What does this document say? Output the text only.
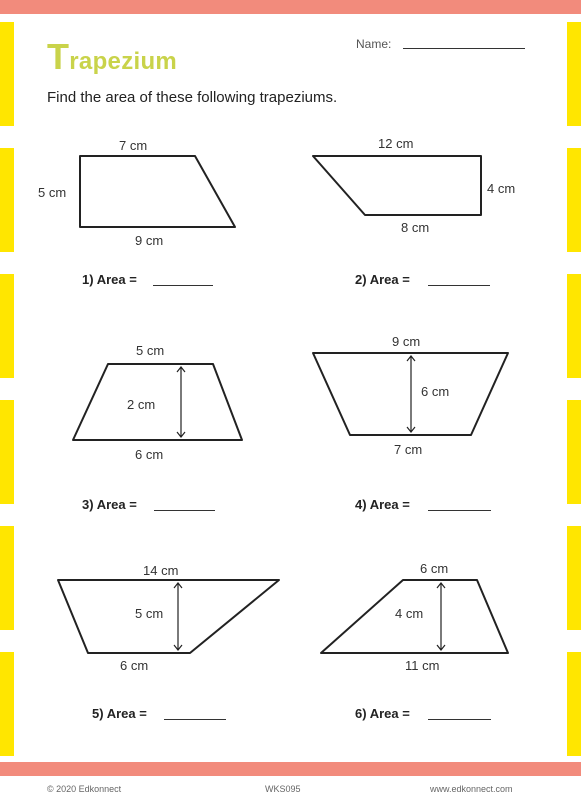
Trapezium
Name:
Find the area of these following trapeziums.
7 cm
5 cm
9 cm
1) Area =
12 cm
4 cm
8 cm
2) Area =
5 cm
2 cm
6 cm
3) Area =
9 cm
6 cm
7 cm
4) Area =
14 cm
5 cm
6 cm
5) Area =
6 cm
4 cm
11 cm
6) Area =
© 2020 Edkonnect	WKS095	www.edkonnect.com
